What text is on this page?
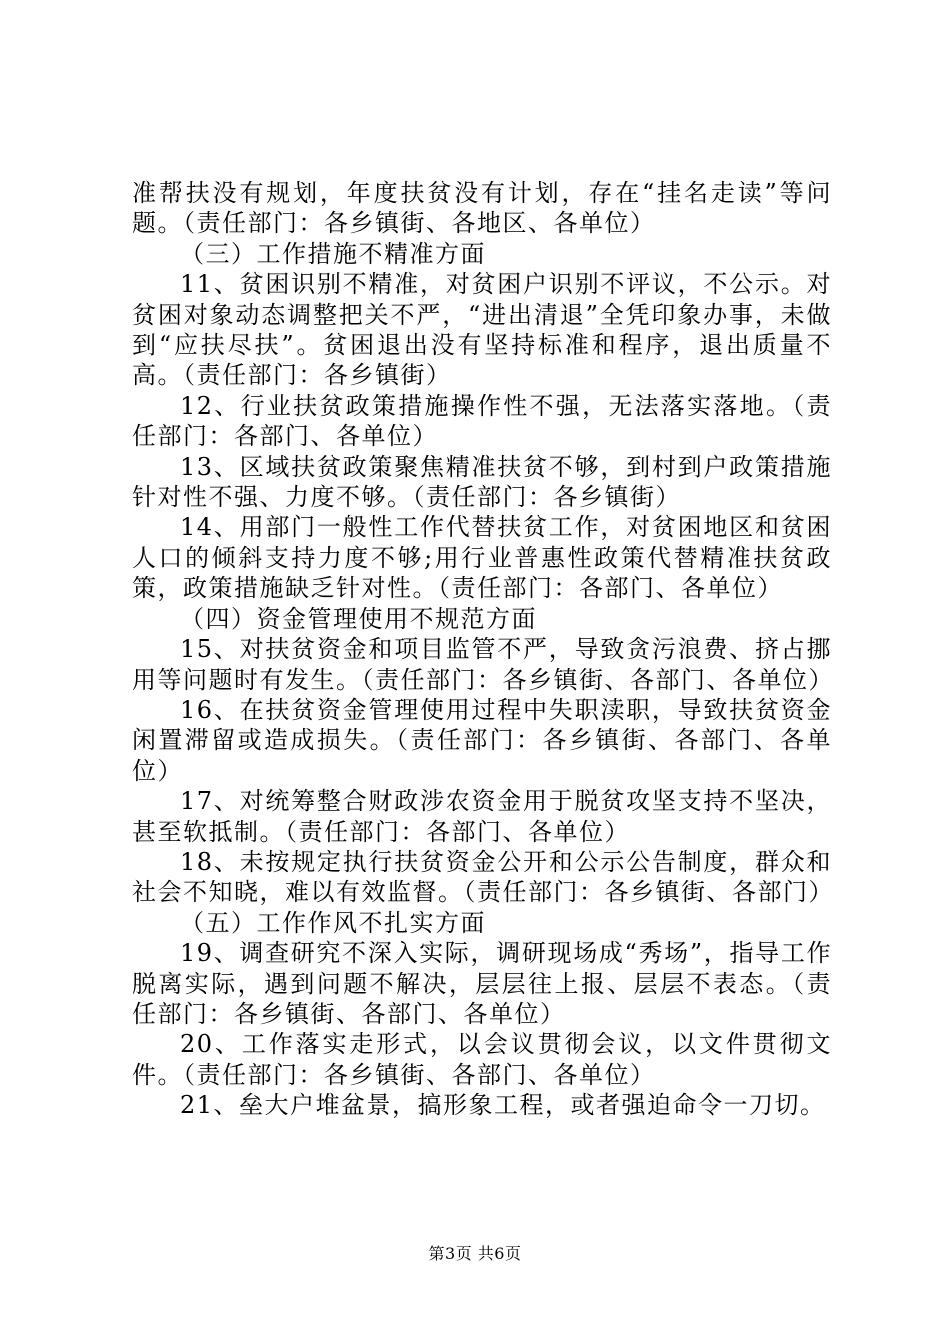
准帮扶没有规划，年度扶贫没有计划，存在“挂名走读”等问题。（责任部门：各乡镇街、各地区、各单位）

（三）工作措施不精准方面

11、贫困识别不精准，对贫困户识别不评议，不公示。对贫困对象动态调整把关不严，“进出清退”全凭印象办事，未做到“应扶尽扶”。贫困退出没有坚持标准和程序，退出质量不高。（责任部门：各乡镇街）

12、行业扶贫政策措施操作性不强，无法落实落地。（责任部门：各部门、各单位）

13、区域扶贫政策聚焦精准扶贫不够，到村到户政策措施针对性不强、力度不够。（责任部门：各乡镇街）

14、用部门一般性工作代替扶贫工作，对贫困地区和贫困人口的倾斜支持力度不够;用行业普惠性政策代替精准扶贫政策，政策措施缺乏针对性。（责任部门：各部门、各单位）

（四）资金管理使用不规范方面

15、对扶贫资金和项目监管不严，导致贪污浪费、挤占挪用等问题时有发生。（责任部门：各乡镇街、各部门、各单位）

16、在扶贫资金管理使用过程中失职渎职，导致扶贫资金闲置滞留或造成损失。（责任部门：各乡镇街、各部门、各单位）

17、对统筹整合财政涉农资金用于脱贫攻坚支持不坚决，甚至软抵制。（责任部门：各部门、各单位）

18、未按规定执行扶贫资金公开和公示公告制度，群众和社会不知晓，难以有效监督。（责任部门：各乡镇街、各部门）

（五）工作作风不扎实方面

19、调查研究不深入实际，调研现场成“秀场”，指导工作脱离实际，遇到问题不解决，层层往上报、层层不表态。（责任部门：各乡镇街、各部门、各单位）

20、工作落实走形式，以会议贯彻会议，以文件贯彻文件。（责任部门：各乡镇街、各部门、各单位）

21、垒大户堆盆景，搞形象工程，或者强迫命令一刀切。

第3页 共6页
